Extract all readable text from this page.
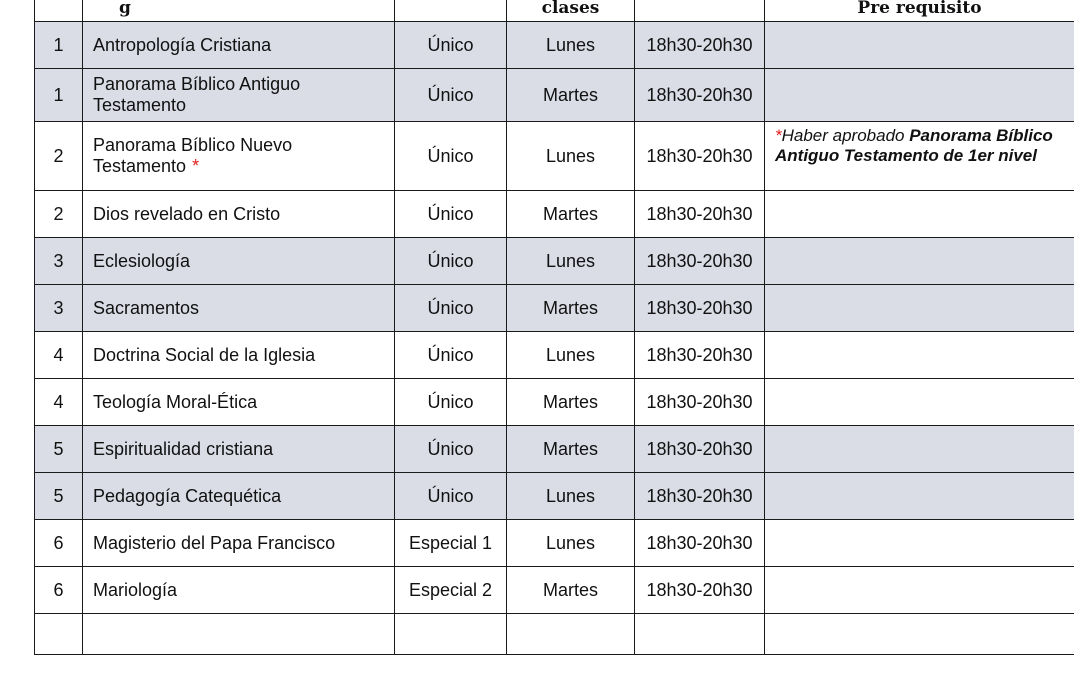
	g		clases		Pre requisito
1	Antropología Cristiana	Único	Lunes	18h30-20h30	
1	Panorama Bíblico Antiguo Testamento	Único	Martes	18h30-20h30	
2	Panorama Bíblico Nuevo Testamento *	Único	Lunes	18h30-20h30	*Haber aprobado Panorama Bíblico Antiguo Testamento de 1er nivel
2	Dios revelado en Cristo	Único	Martes	18h30-20h30	
3	Eclesiología	Único	Lunes	18h30-20h30	
3	Sacramentos	Único	Martes	18h30-20h30	
4	Doctrina Social de la Iglesia	Único	Lunes	18h30-20h30	
4	Teología Moral-Ética	Único	Martes	18h30-20h30	
5	Espiritualidad cristiana	Único	Martes	18h30-20h30	
5	Pedagogía Catequética	Único	Lunes	18h30-20h30	
6	Magisterio del Papa Francisco	Especial 1	Lunes	18h30-20h30	
6	Mariología	Especial 2	Martes	18h30-20h30	
